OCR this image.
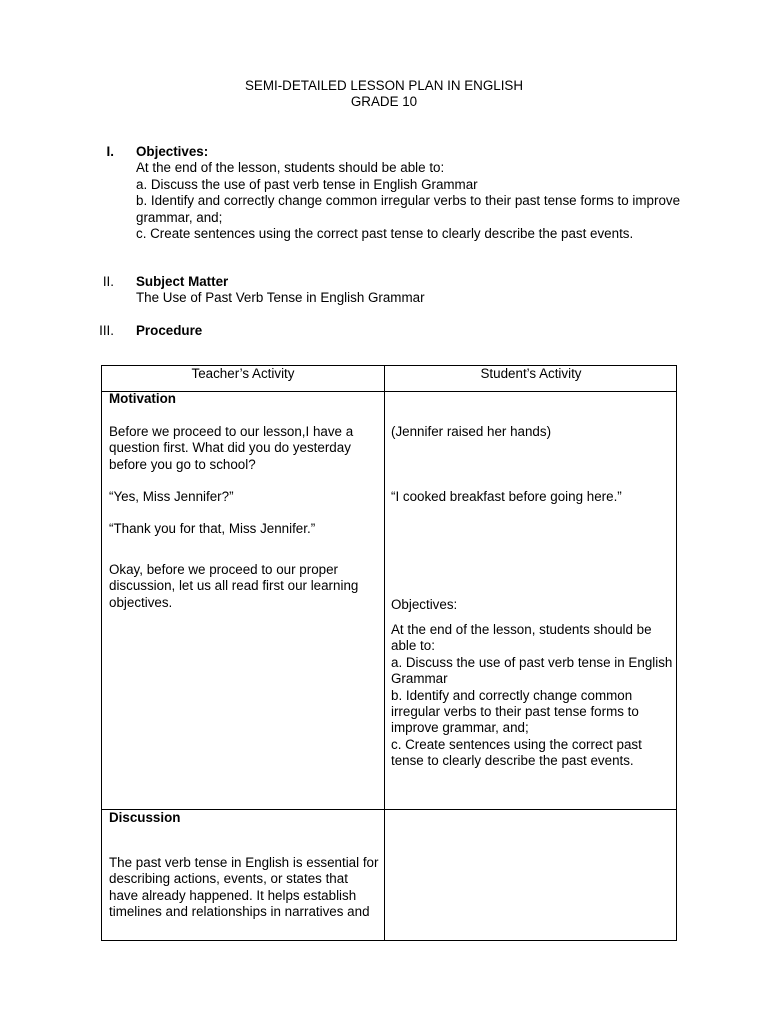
SEMI-DETAILED LESSON PLAN IN ENGLISH
GRADE 10
I. Objectives:
At the end of the lesson, students should be able to:
a. Discuss the use of past verb tense in English Grammar
b. Identify and correctly change common irregular verbs to their past tense forms to improve grammar, and;
c. Create sentences using the correct past tense to clearly describe the past events.
II. Subject Matter
The Use of Past Verb Tense in English Grammar
III. Procedure
Teacher’s Activity	Student’s Activity
Motivation
Before we proceed to our lesson,I have a question first. What did you do yesterday before you go to school?
“Yes, Miss Jennifer?”
“Thank you for that, Miss Jennifer.”
Okay, before we proceed to our proper discussion, let us all read first our learning objectives.
(Jennifer raised her hands)
“I cooked breakfast before going here.”
Objectives:
At the end of the lesson, students should be able to:
a. Discuss the use of past verb tense in English Grammar
b. Identify and correctly change common irregular verbs to their past tense forms to improve grammar, and;
c. Create sentences using the correct past tense to clearly describe the past events.
Discussion
The past verb tense in English is essential for describing actions, events, or states that have already happened. It helps establish timelines and relationships in narratives and
